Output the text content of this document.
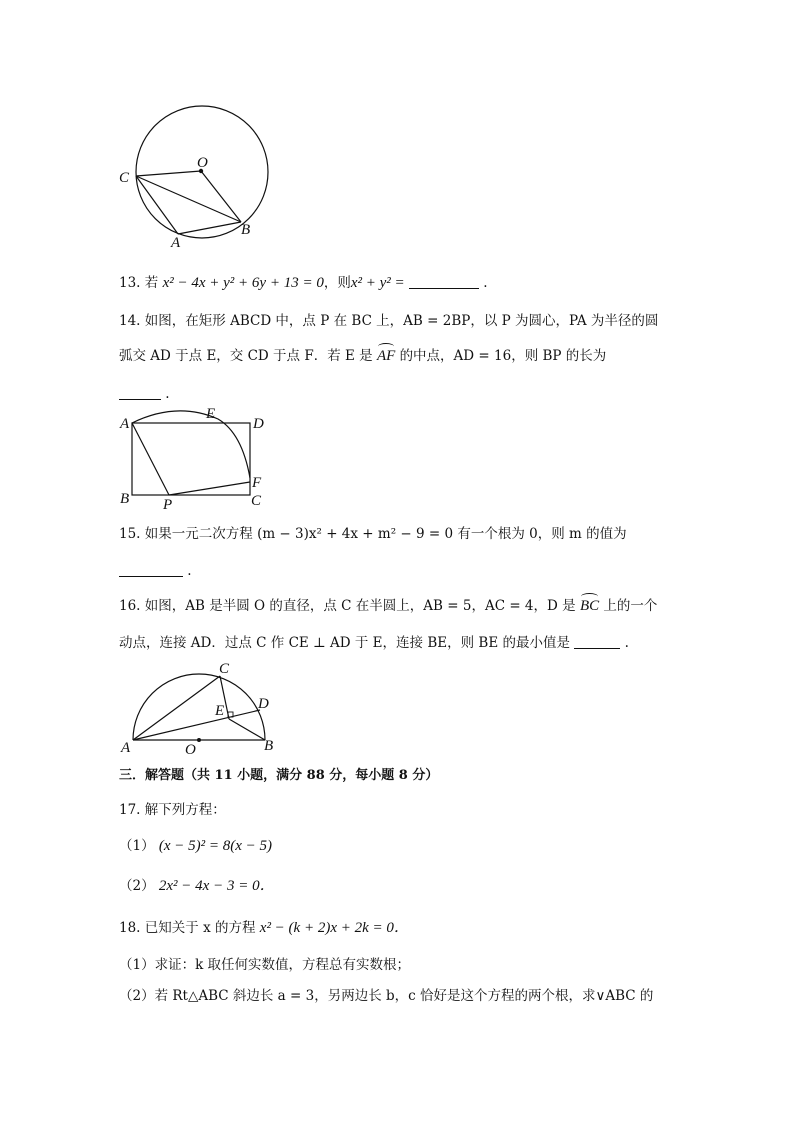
O
C
A
B
13. 若 x² − 4x + y² + 6y + 13 = 0，则x² + y² =	.
14. 如图，在矩形 ABCD 中，点 P 在 BC 上，AB = 2BP，以 P 为圆心，PA 为半径的圆
弧交 AD 于点 E，交 CD 于点 F．若 E 是 AF 的中点，AD = 16，则 BP 的长为
.
A
E
D
F
B P	C
15. 如果一元二次方程 (m − 3)x² + 4x + m² − 9 = 0 有一个根为 0，则 m 的值为
.
16. 如图，AB 是半圆 O 的直径，点 C 在半圆上，AB = 5，AC = 4，D 是 BC 上的一个
动点，连接 AD．过点 C 作 CE ⊥ AD 于 E，连接 BE，则 BE 的最小值是	.
C
D
E
A	O	B
三．解答题（共 11 小题，满分 88 分，每小题 8 分）
17. 解下列方程：
（1） (x − 5)² = 8(x − 5)
（2） 2x² − 4x − 3 = 0．
18. 已知关于 x 的方程 x² − (k + 2)x + 2k = 0．
（1）求证：k 取任何实数值，方程总有实数根；
（2）若 Rt△ABC 斜边长 a = 3，另两边长 b，c 恰好是这个方程的两个根，求∨ABC 的
